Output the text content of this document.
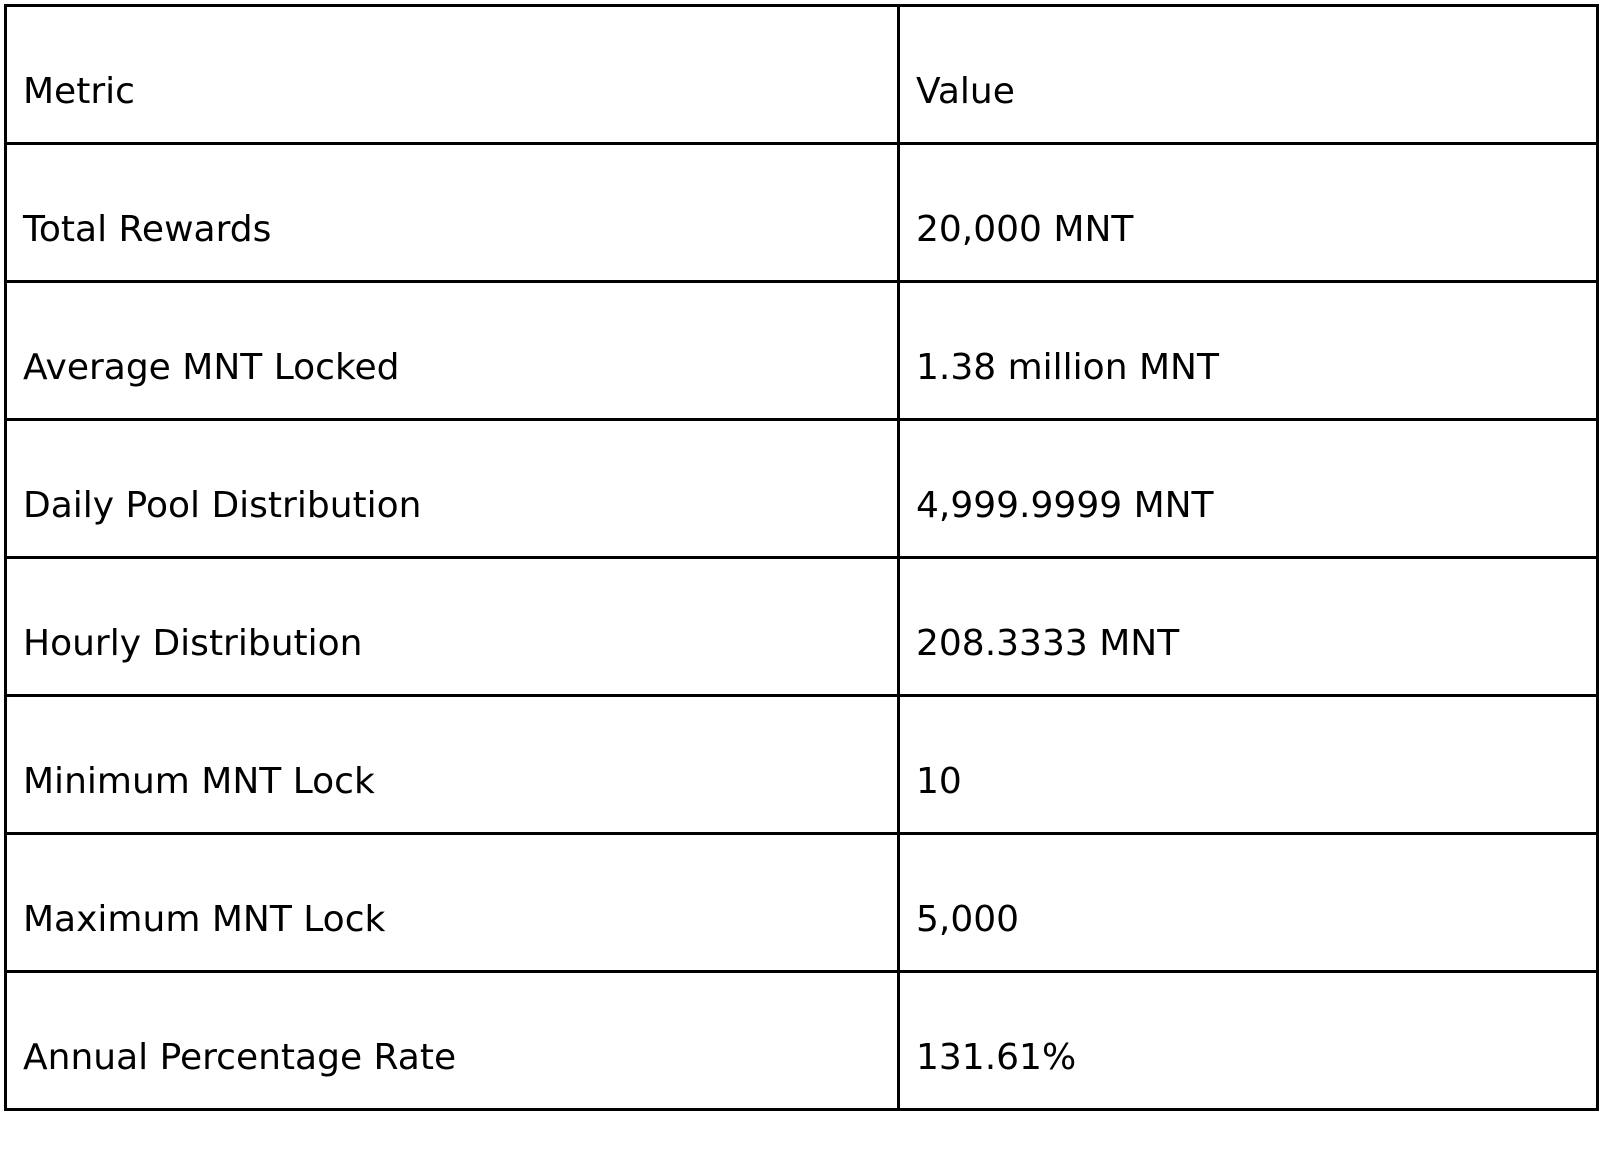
Metric	Value
Total Rewards	20,000 MNT
Average MNT Locked	1.38 million MNT
Daily Pool Distribution	4,999.9999 MNT
Hourly Distribution	208.3333 MNT
Minimum MNT Lock	10
Maximum MNT Lock	5,000
Annual Percentage Rate	131.61%
